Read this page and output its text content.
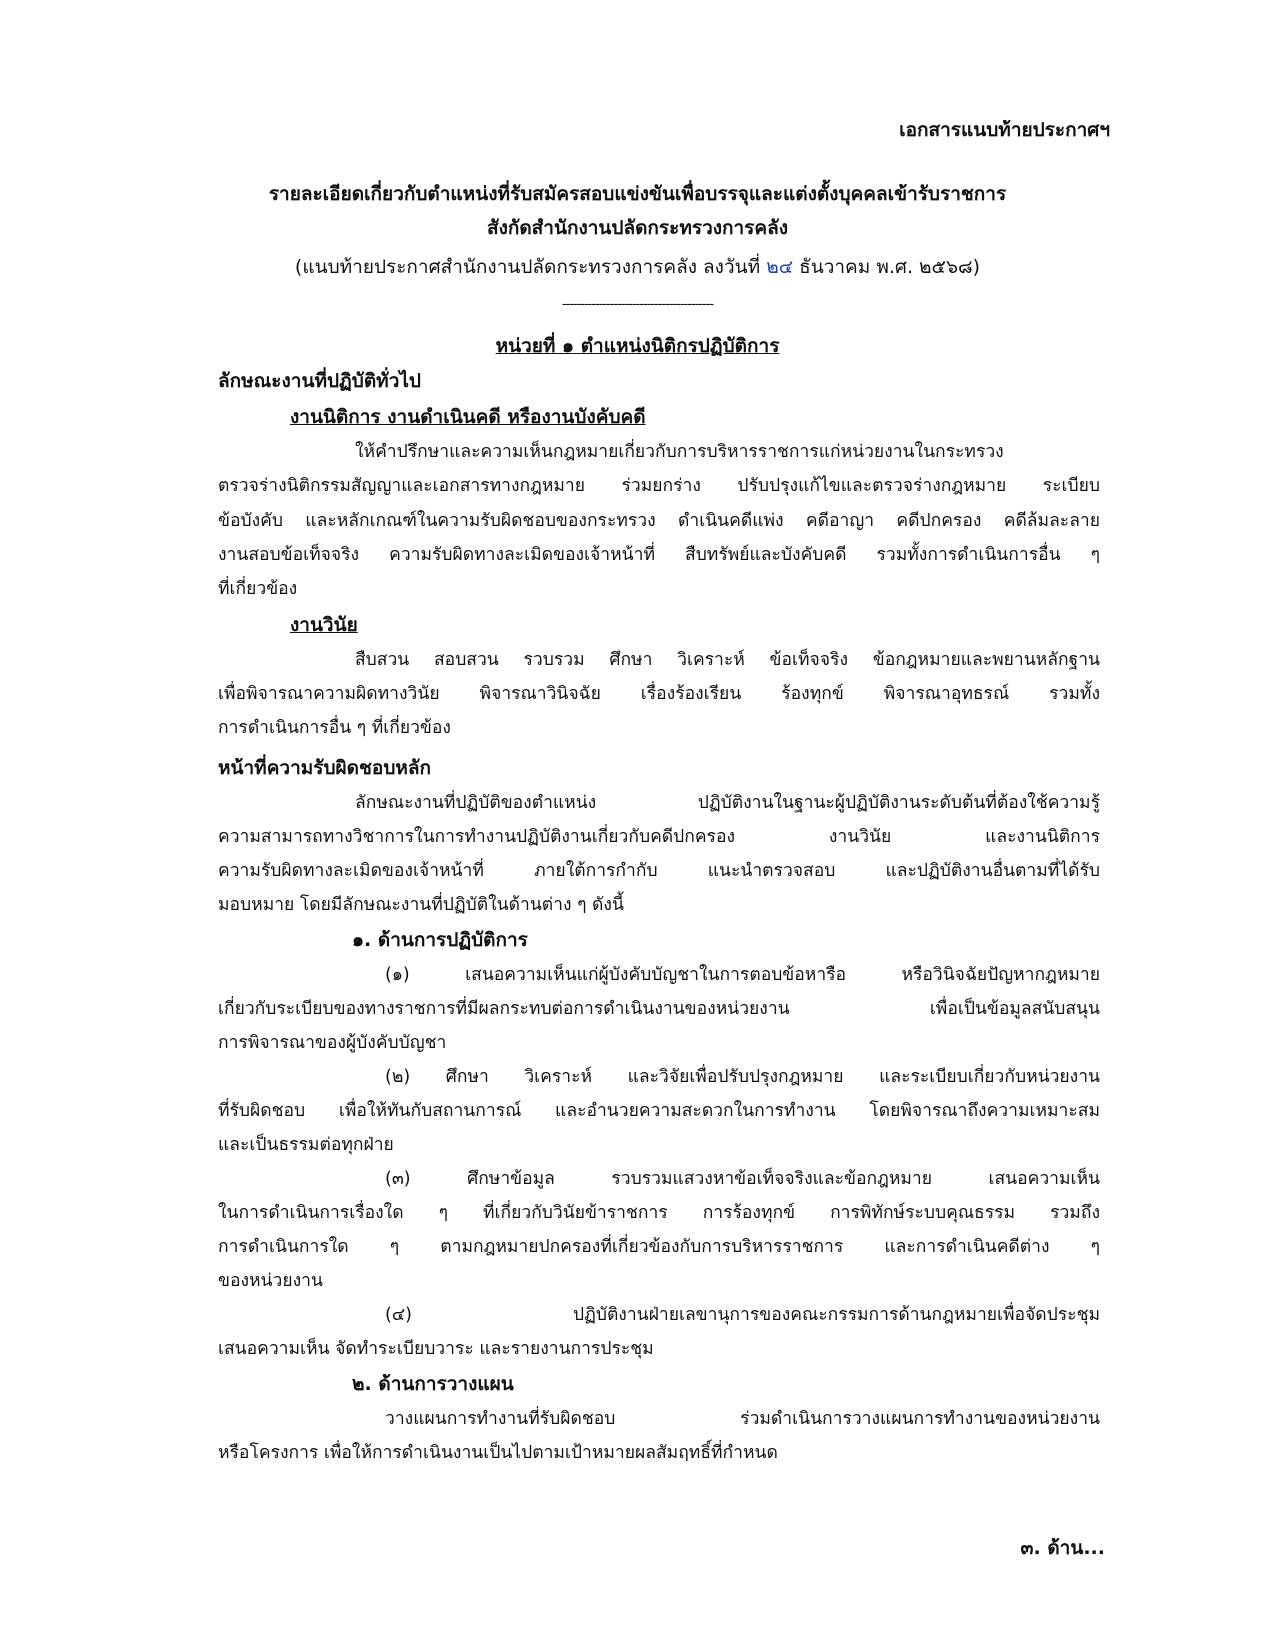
เอกสารแนบท้ายประกาศฯ
รายละเอียดเกี่ยวกับตำแหน่งที่รับสมัครสอบแข่งขันเพื่อบรรจุและแต่งตั้งบุคคลเข้ารับราชการ
สังกัดสำนักงานปลัดกระทรวงการคลัง
(แนบท้ายประกาศสำนักงานปลัดกระทรวงการคลัง ลงวันที่ ๒๔ ธันวาคม พ.ศ. ๒๕๖๘)
-----------------------------------------
หน่วยที่ ๑ ตำแหน่งนิติกรปฏิบัติการ
ลักษณะงานที่ปฏิบัติทั่วไป
งานนิติการ งานดำเนินคดี หรืองานบังคับคดี
ให้คำปรึกษาและความเห็นกฎหมายเกี่ยวกับการบริหารราชการแก่หน่วยงานในกระทรวง
ตรวจร่างนิติกรรมสัญญาและเอกสารทางกฎหมาย ร่วมยกร่าง ปรับปรุงแก้ไขและตรวจร่างกฎหมาย ระเบียบ
ข้อบังคับ และหลักเกณฑ์ในความรับผิดชอบของกระทรวง ดำเนินคดีแพ่ง คดีอาญา คดีปกครอง คดีล้มละลาย
งานสอบข้อเท็จจริง ความรับผิดทางละเมิดของเจ้าหน้าที่ สืบทรัพย์และบังคับคดี รวมทั้งการดำเนินการอื่น ๆ
ที่เกี่ยวข้อง
งานวินัย
สืบสวน สอบสวน รวบรวม ศึกษา วิเคราะห์ ข้อเท็จจริง ข้อกฎหมายและพยานหลักฐาน
เพื่อพิจารณาความผิดทางวินัย พิจารณาวินิจฉัย เรื่องร้องเรียน ร้องทุกข์ พิจารณาอุทธรณ์ รวมทั้ง
การดำเนินการอื่น ๆ ที่เกี่ยวข้อง
หน้าที่ความรับผิดชอบหลัก
ลักษณะงานที่ปฏิบัติของตำแหน่ง ปฏิบัติงานในฐานะผู้ปฏิบัติงานระดับต้นที่ต้องใช้ความรู้
ความสามารถทางวิชาการในการทำงานปฏิบัติงานเกี่ยวกับคดีปกครอง งานวินัย และงานนิติการ
ความรับผิดทางละเมิดของเจ้าหน้าที่ ภายใต้การกำกับ แนะนำตรวจสอบ และปฏิบัติงานอื่นตามที่ได้รับ
มอบหมาย โดยมีลักษณะงานที่ปฏิบัติในด้านต่าง ๆ ดังนี้
๑. ด้านการปฏิบัติการ
(๑) เสนอความเห็นแก่ผู้บังคับบัญชาในการตอบข้อหารือ หรือวินิจฉัยปัญหากฎหมาย
เกี่ยวกับระเบียบของทางราชการที่มีผลกระทบต่อการดำเนินงานของหน่วยงาน เพื่อเป็นข้อมูลสนับสนุน
การพิจารณาของผู้บังคับบัญชา
(๒) ศึกษา วิเคราะห์ และวิจัยเพื่อปรับปรุงกฎหมาย และระเบียบเกี่ยวกับหน่วยงาน
ที่รับผิดชอบ เพื่อให้ทันกับสถานการณ์ และอำนวยความสะดวกในการทำงาน โดยพิจารณาถึงความเหมาะสม
และเป็นธรรมต่อทุกฝ่าย
(๓) ศึกษาข้อมูล รวบรวมแสวงหาข้อเท็จจริงและข้อกฎหมาย เสนอความเห็น
ในการดำเนินการเรื่องใด ๆ ที่เกี่ยวกับวินัยข้าราชการ การร้องทุกข์ การพิทักษ์ระบบคุณธรรม รวมถึง
การดำเนินการใด ๆ ตามกฎหมายปกครองที่เกี่ยวข้องกับการบริหารราชการ และการดำเนินคดีต่าง ๆ
ของหน่วยงาน
(๔) ปฏิบัติงานฝ่ายเลขานุการของคณะกรรมการด้านกฎหมายเพื่อจัดประชุม
เสนอความเห็น จัดทำระเบียบวาระ และรายงานการประชุม
๒. ด้านการวางแผน
วางแผนการทำงานที่รับผิดชอบ ร่วมดำเนินการวางแผนการทำงานของหน่วยงาน
หรือโครงการ เพื่อให้การดำเนินงานเป็นไปตามเป้าหมายผลสัมฤทธิ์ที่กำหนด
๓. ด้าน...
